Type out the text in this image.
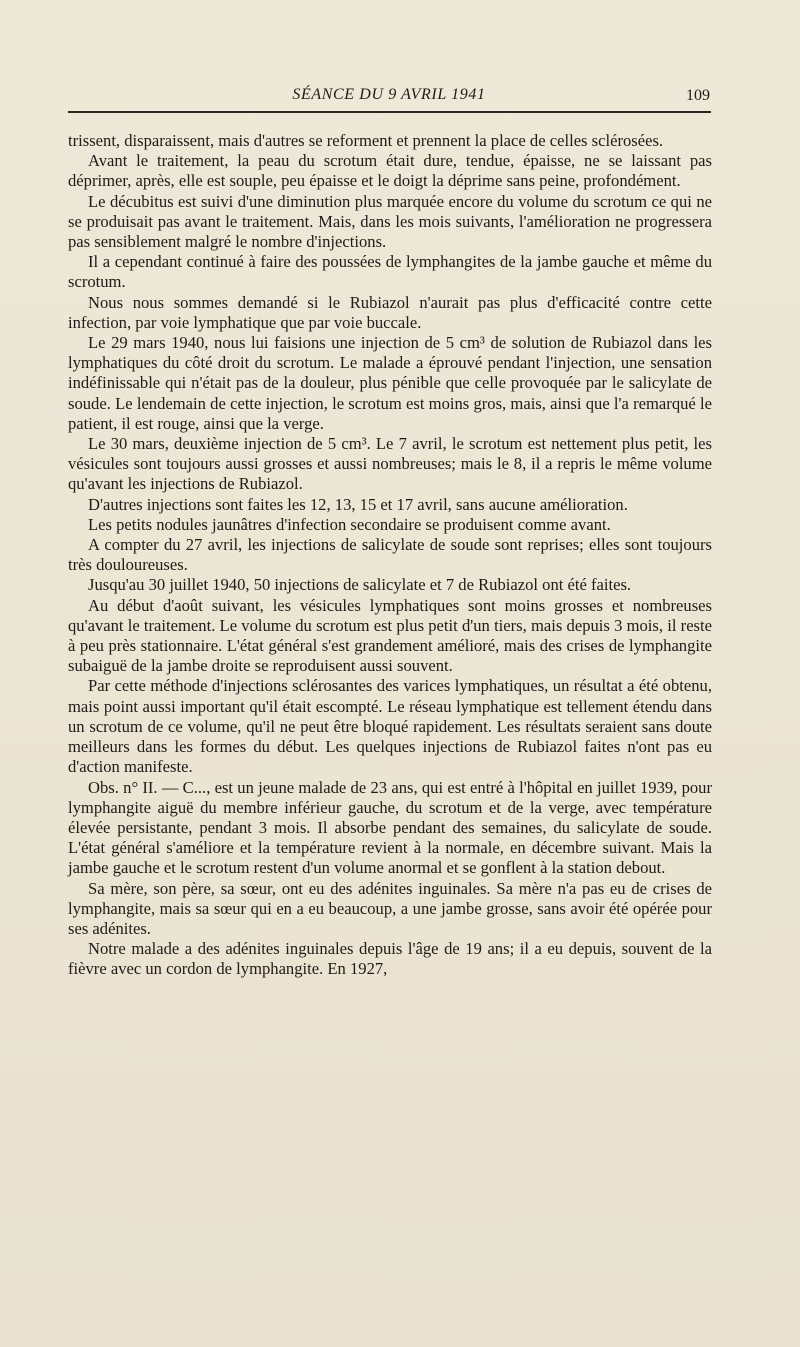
SÉANCE DU 9 AVRIL 1941	109

trissent, disparaissent, mais d'autres se reforment et prennent la place de celles sclérosées.

Avant le traitement, la peau du scrotum était dure, tendue, épaisse, ne se laissant pas déprimer, après, elle est souple, peu épaisse et le doigt la déprime sans peine, profondément.

Le décubitus est suivi d'une diminution plus marquée encore du volume du scrotum ce qui ne se produisait pas avant le traitement. Mais, dans les mois suivants, l'amélioration ne progressera pas sensiblement malgré le nombre d'injections.

Il a cependant continué à faire des poussées de lymphangites de la jambe gauche et même du scrotum.

Nous nous sommes demandé si le Rubiazol n'aurait pas plus d'efficacité contre cette infection, par voie lymphatique que par voie buccale.

Le 29 mars 1940, nous lui faisions une injection de 5 cm³ de solution de Rubiazol dans les lymphatiques du côté droit du scrotum. Le malade a éprouvé pendant l'injection, une sensation indéfinissable qui n'était pas de la douleur, plus pénible que celle provoquée par le salicylate de soude. Le lendemain de cette injection, le scrotum est moins gros, mais, ainsi que l'a remarqué le patient, il est rouge, ainsi que la verge.

Le 30 mars, deuxième injection de 5 cm³. Le 7 avril, le scrotum est nettement plus petit, les vésicules sont toujours aussi grosses et aussi nombreuses; mais le 8, il a repris le même volume qu'avant les injections de Rubiazol.

D'autres injections sont faites les 12, 13, 15 et 17 avril, sans aucune amélioration.

Les petits nodules jaunâtres d'infection secondaire se produisent comme avant.

A compter du 27 avril, les injections de salicylate de soude sont reprises; elles sont toujours très douloureuses.

Jusqu'au 30 juillet 1940, 50 injections de salicylate et 7 de Rubiazol ont été faites.

Au début d'août suivant, les vésicules lymphatiques sont moins grosses et nombreuses qu'avant le traitement. Le volume du scrotum est plus petit d'un tiers, mais depuis 3 mois, il reste à peu près stationnaire. L'état général s'est grandement amélioré, mais des crises de lymphangite subaiguë de la jambe droite se reproduisent aussi souvent.

Par cette méthode d'injections sclérosantes des varices lymphatiques, un résultat a été obtenu, mais point aussi important qu'il était escompté. Le réseau lymphatique est tellement étendu dans un scrotum de ce volume, qu'il ne peut être bloqué rapidement. Les résultats seraient sans doute meilleurs dans les formes du début. Les quelques injections de Rubiazol faites n'ont pas eu d'action manifeste.

Obs. n° II. — C..., est un jeune malade de 23 ans, qui est entré à l'hôpital en juillet 1939, pour lymphangite aiguë du membre inférieur gauche, du scrotum et de la verge, avec température élevée persistante, pendant 3 mois. Il absorbe pendant des semaines, du salicylate de soude. L'état général s'améliore et la température revient à la normale, en décembre suivant. Mais la jambe gauche et le scrotum restent d'un volume anormal et se gonflent à la station debout.

Sa mère, son père, sa sœur, ont eu des adénites inguinales. Sa mère n'a pas eu de crises de lymphangite, mais sa sœur qui en a eu beaucoup, a une jambe grosse, sans avoir été opérée pour ses adénites.

Notre malade a des adénites inguinales depuis l'âge de 19 ans; il a eu depuis, souvent de la fièvre avec un cordon de lymphangite. En 1927,
